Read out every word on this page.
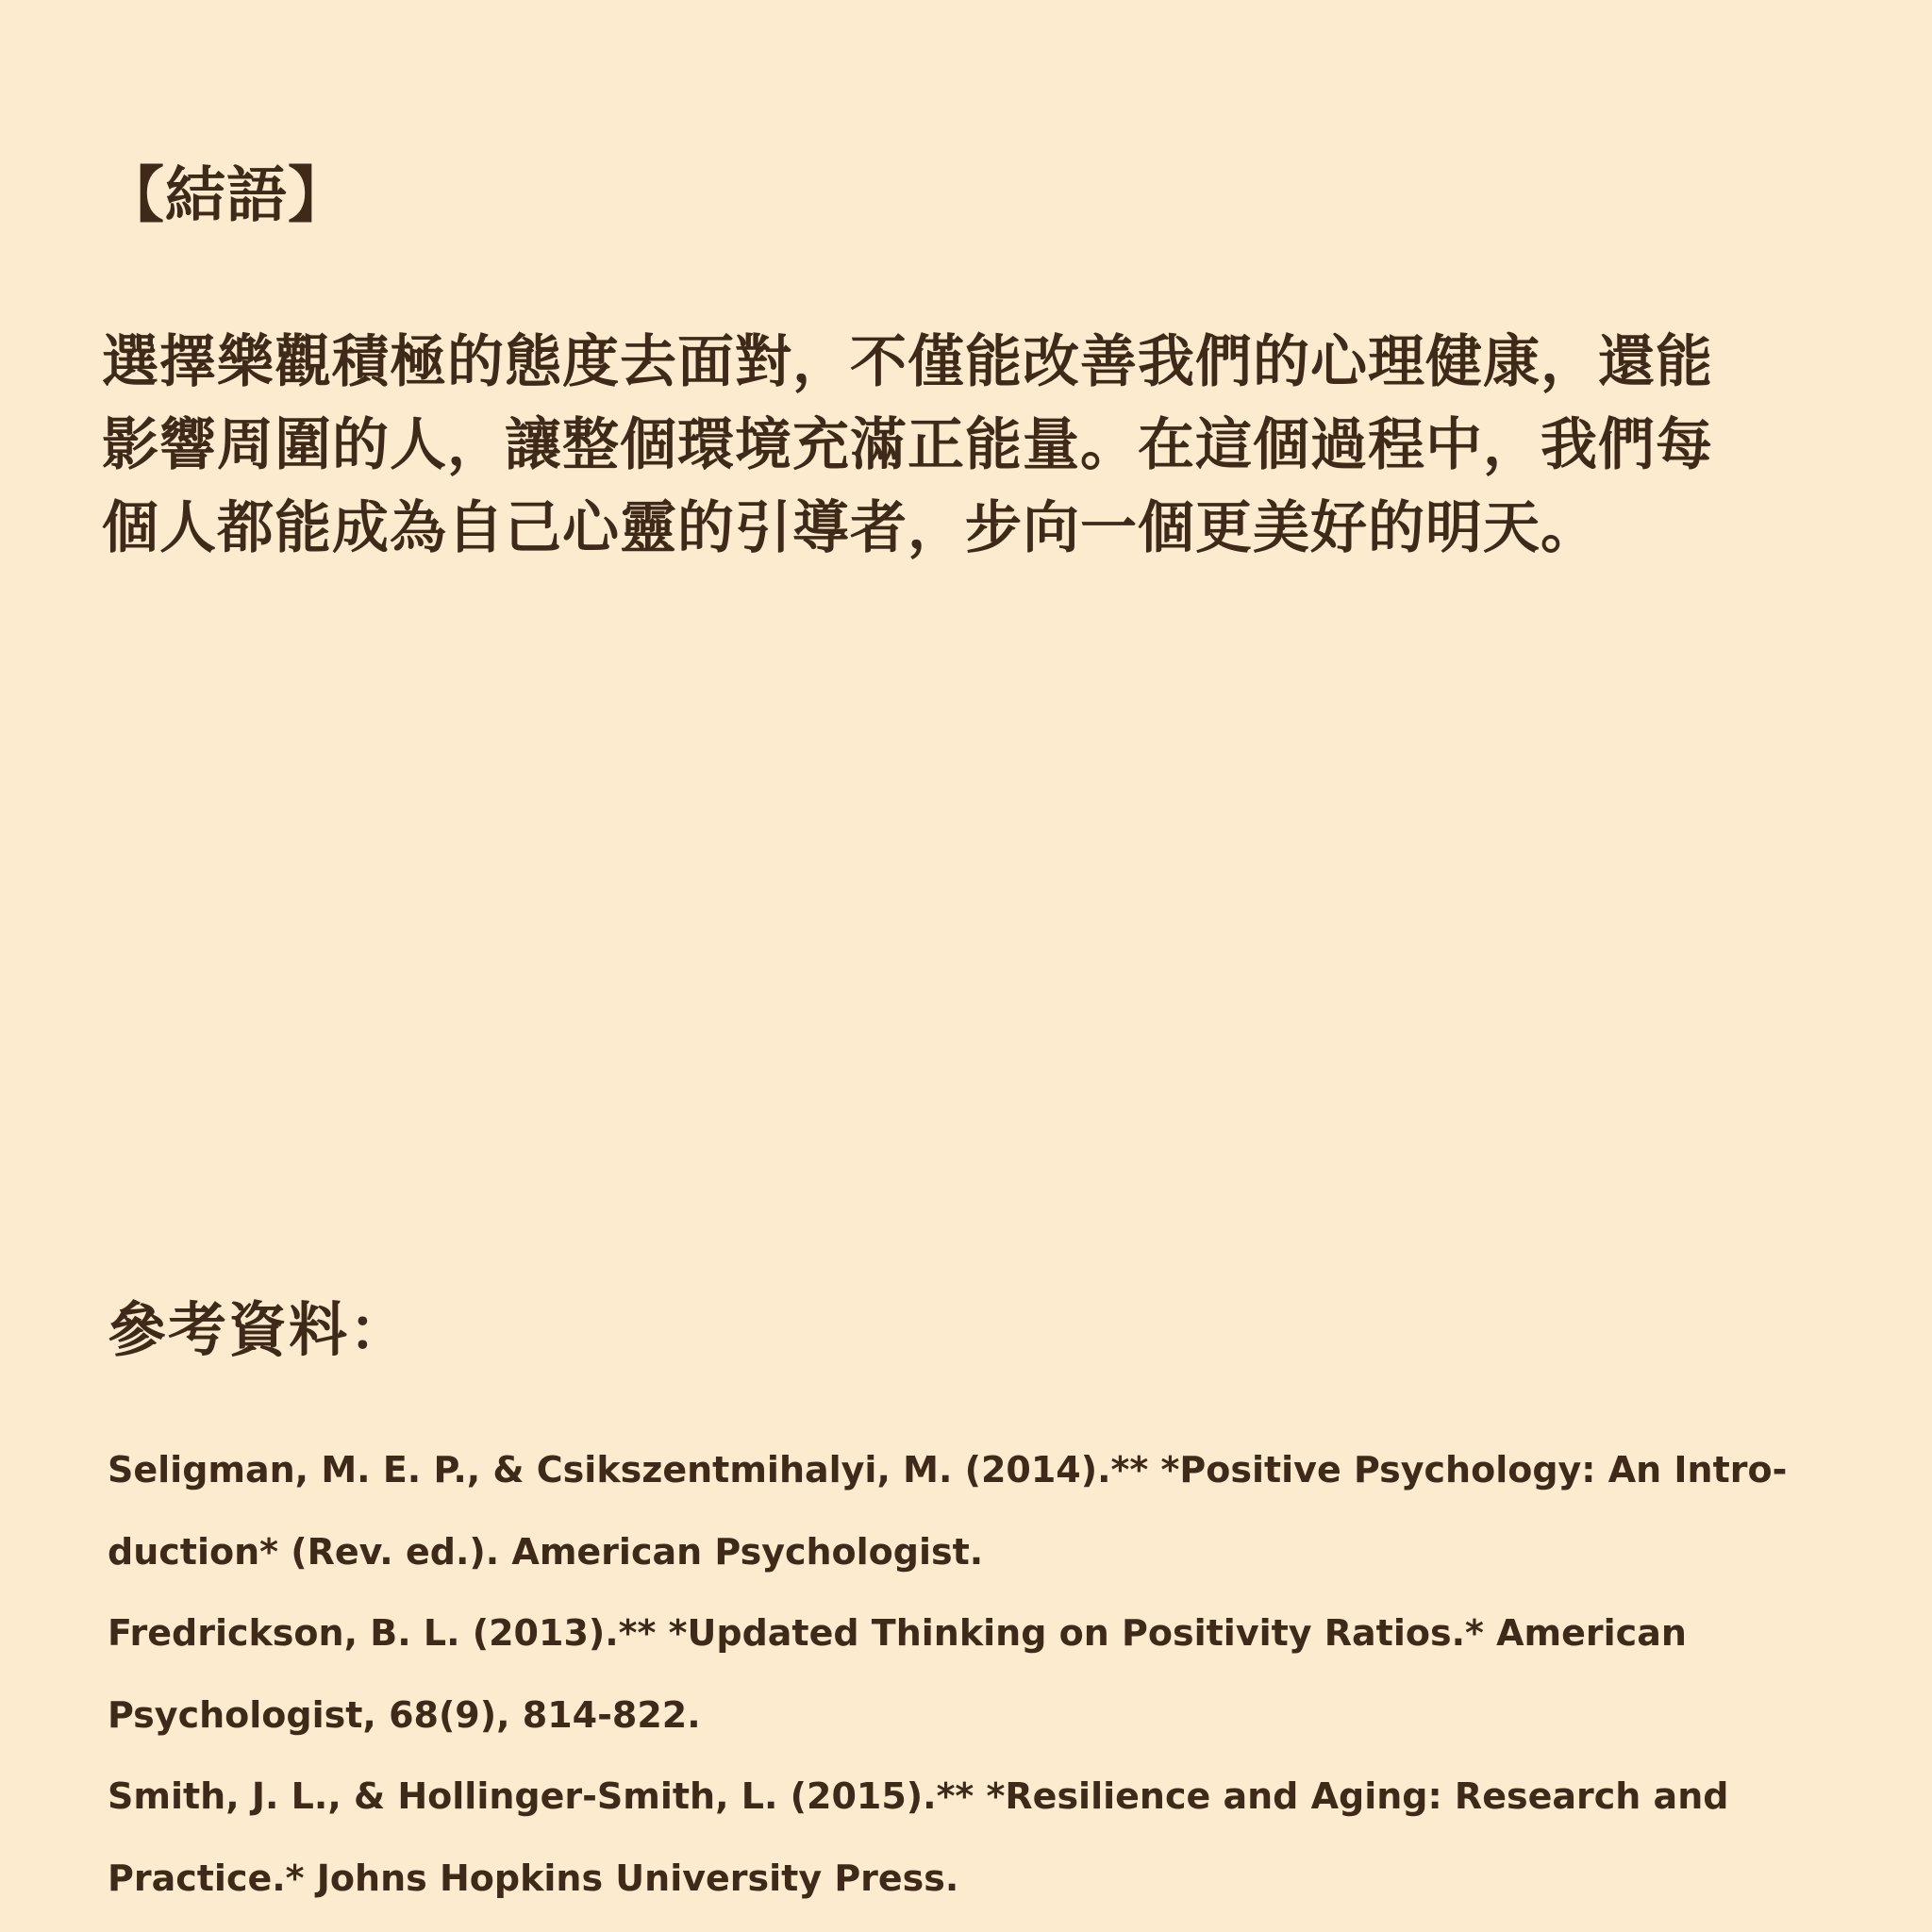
【結語】

選擇樂觀積極的態度去面對，不僅能改善我們的心理健康，還能
影響周圍的人，讓整個環境充滿正能量。在這個過程中，我們每
個人都能成為自己心靈的引導者，步向一個更美好的明天。

參考資料：
Seligman, M. E. P., & Csikszentmihalyi, M. (2014).** *Positive Psychology: An Intro-
duction* (Rev. ed.). American Psychologist.
Fredrickson, B. L. (2013).** *Updated Thinking on Positivity Ratios.* American
Psychologist, 68(9), 814-822.
Smith, J. L., & Hollinger-Smith, L. (2015).** *Resilience and Aging: Research and
Practice.* Johns Hopkins University Press.
